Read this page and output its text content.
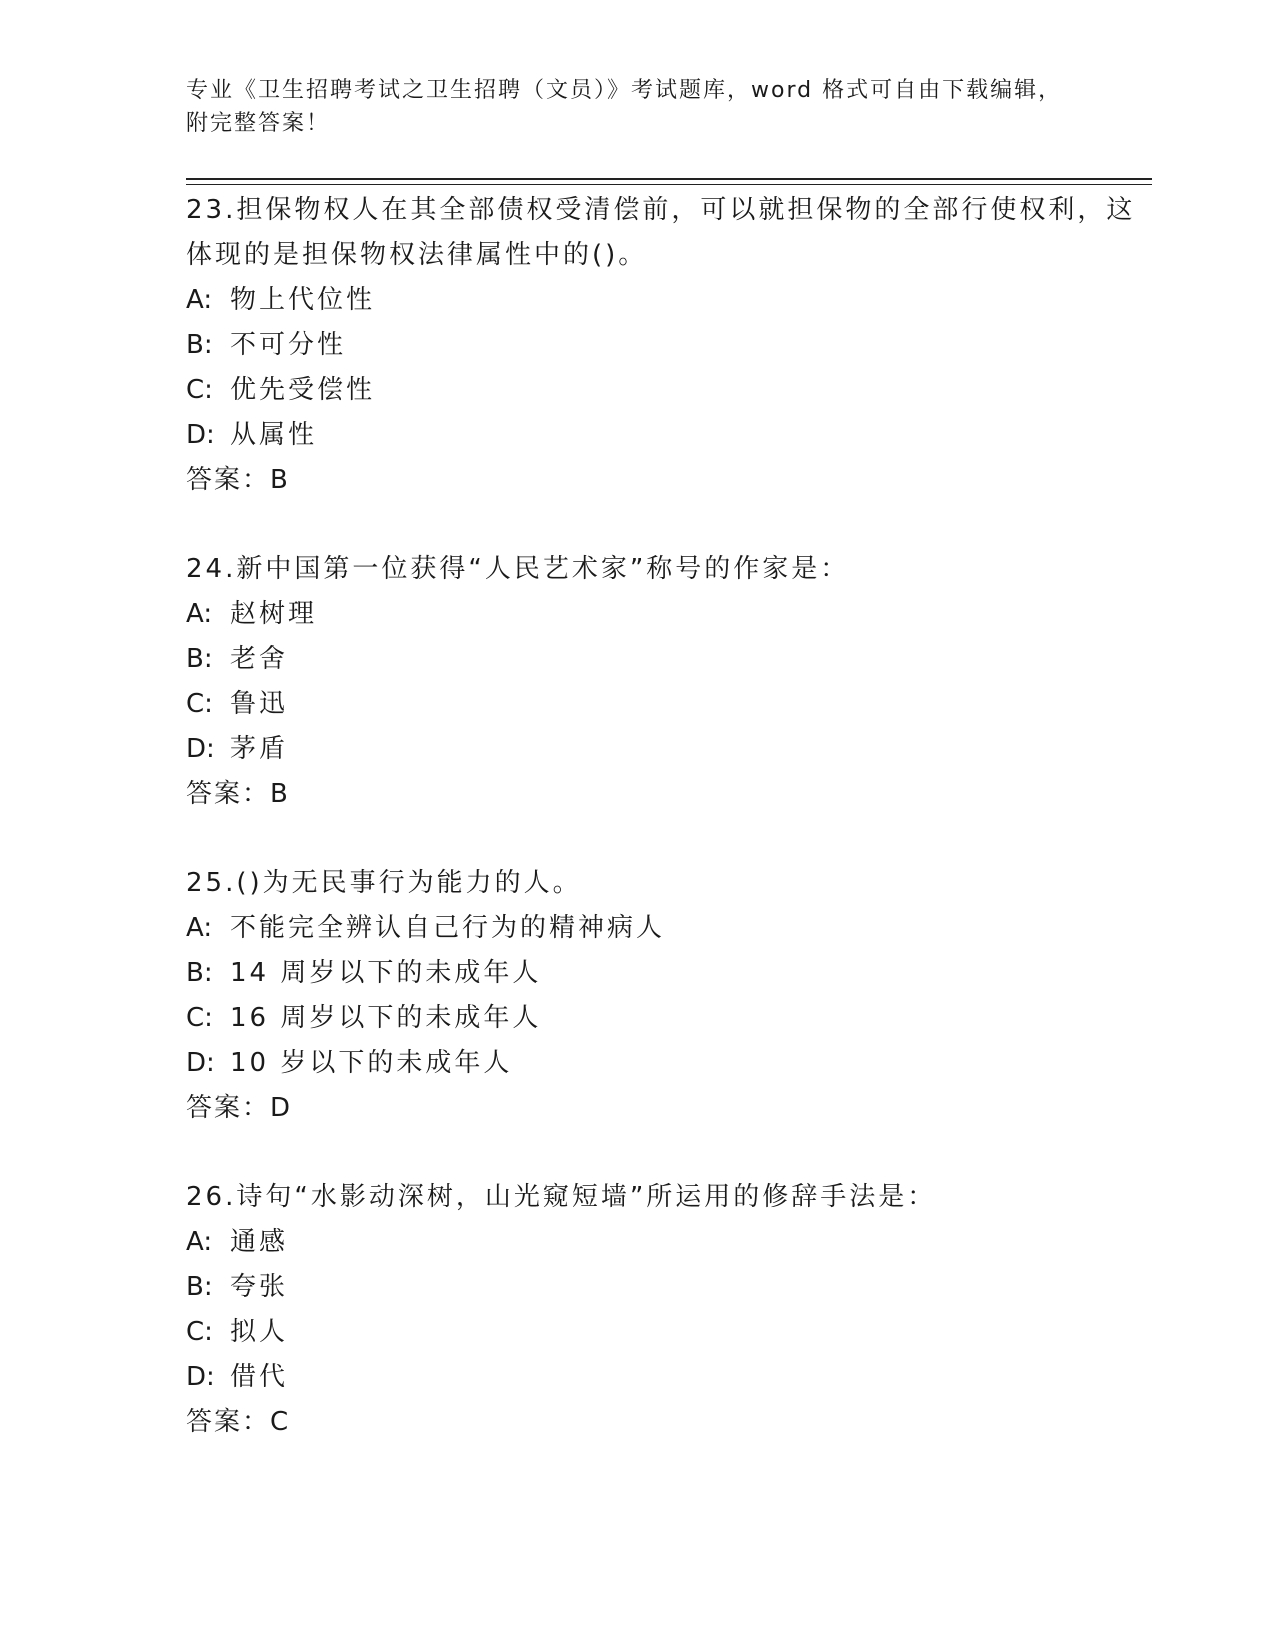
专业《卫生招聘考试之卫生招聘（文员）》考试题库，word 格式可自由下载编辑，附完整答案！

23.担保物权人在其全部债权受清偿前，可以就担保物的全部行使权利，这体现的是担保物权法律属性中的()。

A: 物上代位性
B: 不可分性
C: 优先受偿性
D: 从属性
答案：B

24.新中国第一位获得“人民艺术家”称号的作家是：

A: 赵树理
B: 老舍
C: 鲁迅
D: 茅盾
答案：B

25.()为无民事行为能力的人。

A: 不能完全辨认自己行为的精神病人
B: 14 周岁以下的未成年人
C: 16 周岁以下的未成年人
D: 10 岁以下的未成年人
答案：D

26.诗句“水影动深树，山光窥短墙”所运用的修辞手法是：

A: 通感
B: 夸张
C: 拟人
D: 借代
答案：C
